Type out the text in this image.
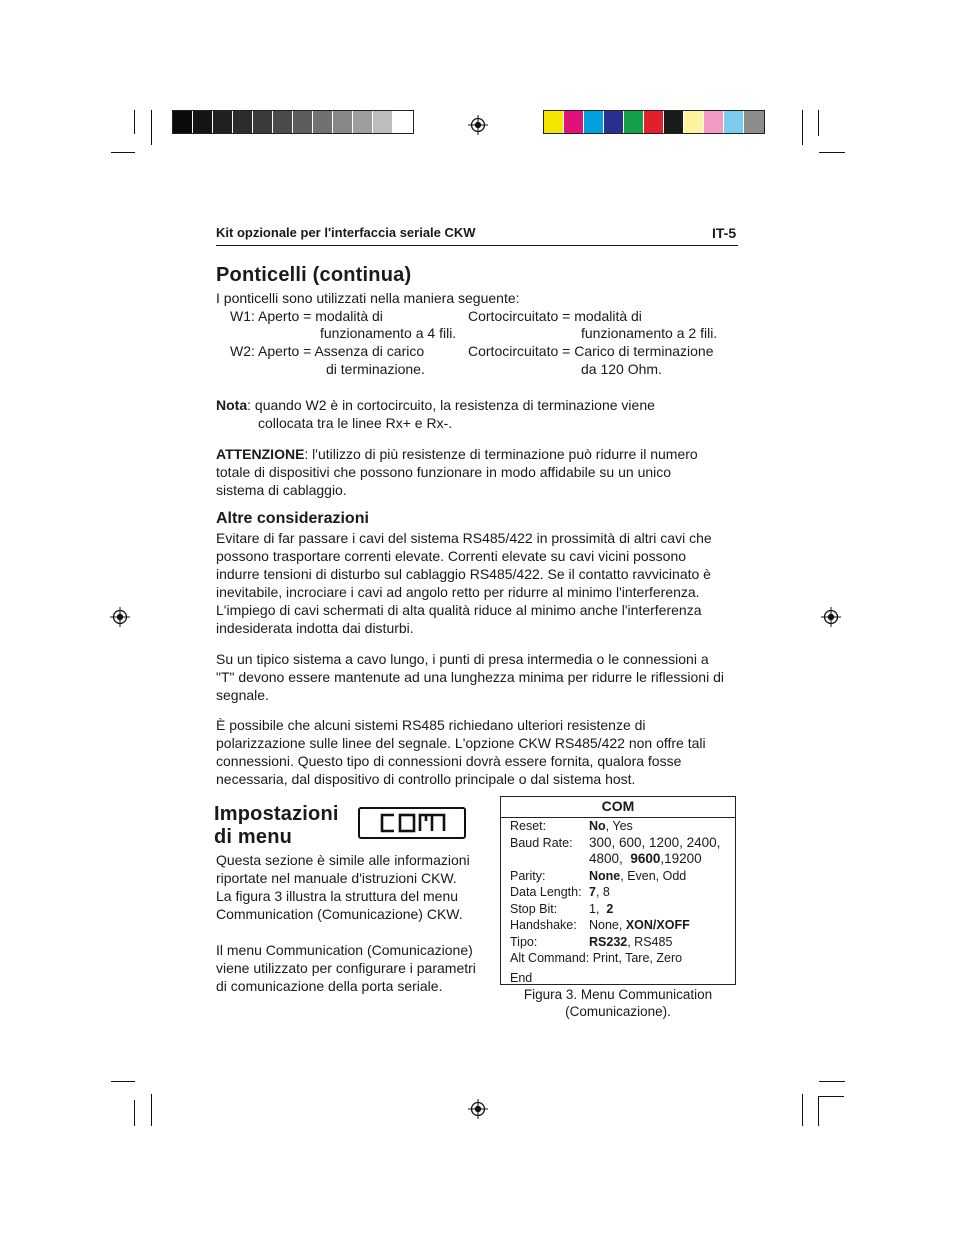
Kit opzionale per l'interfaccia seriale CKW	IT-5
Ponticelli (continua)
I ponticelli sono utilizzati nella maniera seguente:
W1: Aperto = modalità di
funzionamento a 4 fili.
Cortocircuitato = modalità di
funzionamento a 2 fili.
W2: Aperto = Assenza di carico
di terminazione.
Cortocircuitato = Carico di terminazione
da 120 Ohm.
Nota: quando W2 è in cortocircuito, la resistenza di terminazione viene
collocata tra le linee Rx+ e Rx-.
ATTENZIONE: l'utilizzo di più resistenze di terminazione può ridurre il numero
totale di dispositivi che possono funzionare in modo affidabile su un unico
sistema di cablaggio.
Altre considerazioni
Evitare di far passare i cavi del sistema RS485/422 in prossimità di altri cavi che
possono trasportare correnti elevate. Correnti elevate su cavi vicini possono
indurre tensioni di disturbo sul cablaggio RS485/422. Se il contatto ravvicinato è
inevitabile, incrociare i cavi ad angolo retto per ridurre al minimo l'interferenza.
L'impiego di cavi schermati di alta qualità riduce al minimo anche l'interferenza
indesiderata indotta dai disturbi.
Su un tipico sistema a cavo lungo, i punti di presa intermedia o le connessioni a
"T" devono essere mantenute ad una lunghezza minima per ridurre le riflessioni di
segnale.
È possibile che alcuni sistemi RS485 richiedano ulteriori resistenze di
polarizzazione sulle linee del segnale. L'opzione CKW RS485/422 non offre tali
connessioni. Questo tipo di connessioni dovrà essere fornita, qualora fosse
necessaria, dal dispositivo di controllo principale o dal sistema host.
Impostazioni
di menu
Questa sezione è simile alle informazioni
riportate nel manuale d'istruzioni CKW.
La figura 3 illustra la struttura del menu
Communication (Comunicazione) CKW.
Il menu Communication (Comunicazione)
viene utilizzato per configurare i parametri
di comunicazione della porta seriale.
COM
Reset:	No, Yes
Baud Rate: 300, 600, 1200, 2400,
4800, 9600,19200
Parity:	None, Even, Odd
Data Length: 7, 8
Stop Bit:	1, 2
Handshake: None, XON/XOFF
Tipo:	RS232, RS485
Alt Command: Print, Tare, Zero
End
Figura 3. Menu Communication
(Comunicazione).
